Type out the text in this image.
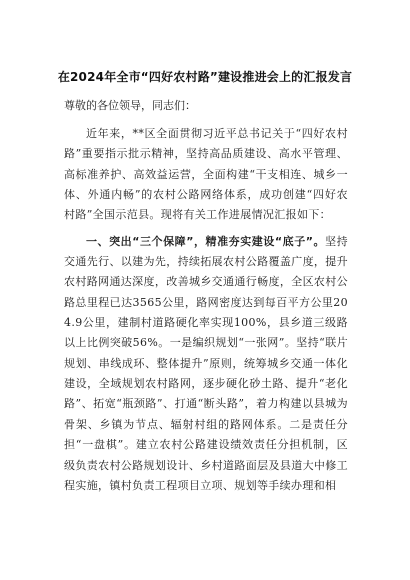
在2024年全市“四好农村路”建设推进会上的汇报发言
尊敬的各位领导，同志们：

近年来，**区全面贯彻习近平总书记关于“四好农村路”重要指示批示精神，坚持高品质建设、高水平管理、高标准养护、高效益运营，全面构建“干支相连、城乡一体、外通内畅”的农村公路网络体系，成功创建“四好农村路”全国示范县。现将有关工作进展情况汇报如下：

一、突出“三个保障”，精准夯实建设“底子”。坚持交通先行、以建为先，持续拓展农村公路覆盖广度，提升农村路网通达深度，改善城乡交通通行畅度，全区农村公路总里程已达3565公里，路网密度达到每百平方公里204.9公里，建制村道路硬化率实现100%，县乡道三级路以上比例突破56%。一是编织规划“一张网”。坚持“联片规划、串线成环、整体提升”原则，统筹城乡交通一体化建设，全域规划农村路网，逐步硬化砂土路、提升“老化路”、拓宽“瓶颈路”、打通“断头路”，着力构建以县城为骨架、乡镇为节点、辐射村组的路网体系。二是责任分担“一盘棋”。建立农村公路建设绩效责任分担机制，区级负责农村公路规划设计、乡村道路面层及县道大中修工程实施，镇村负责工程项目立项、规划等手续办理和相
